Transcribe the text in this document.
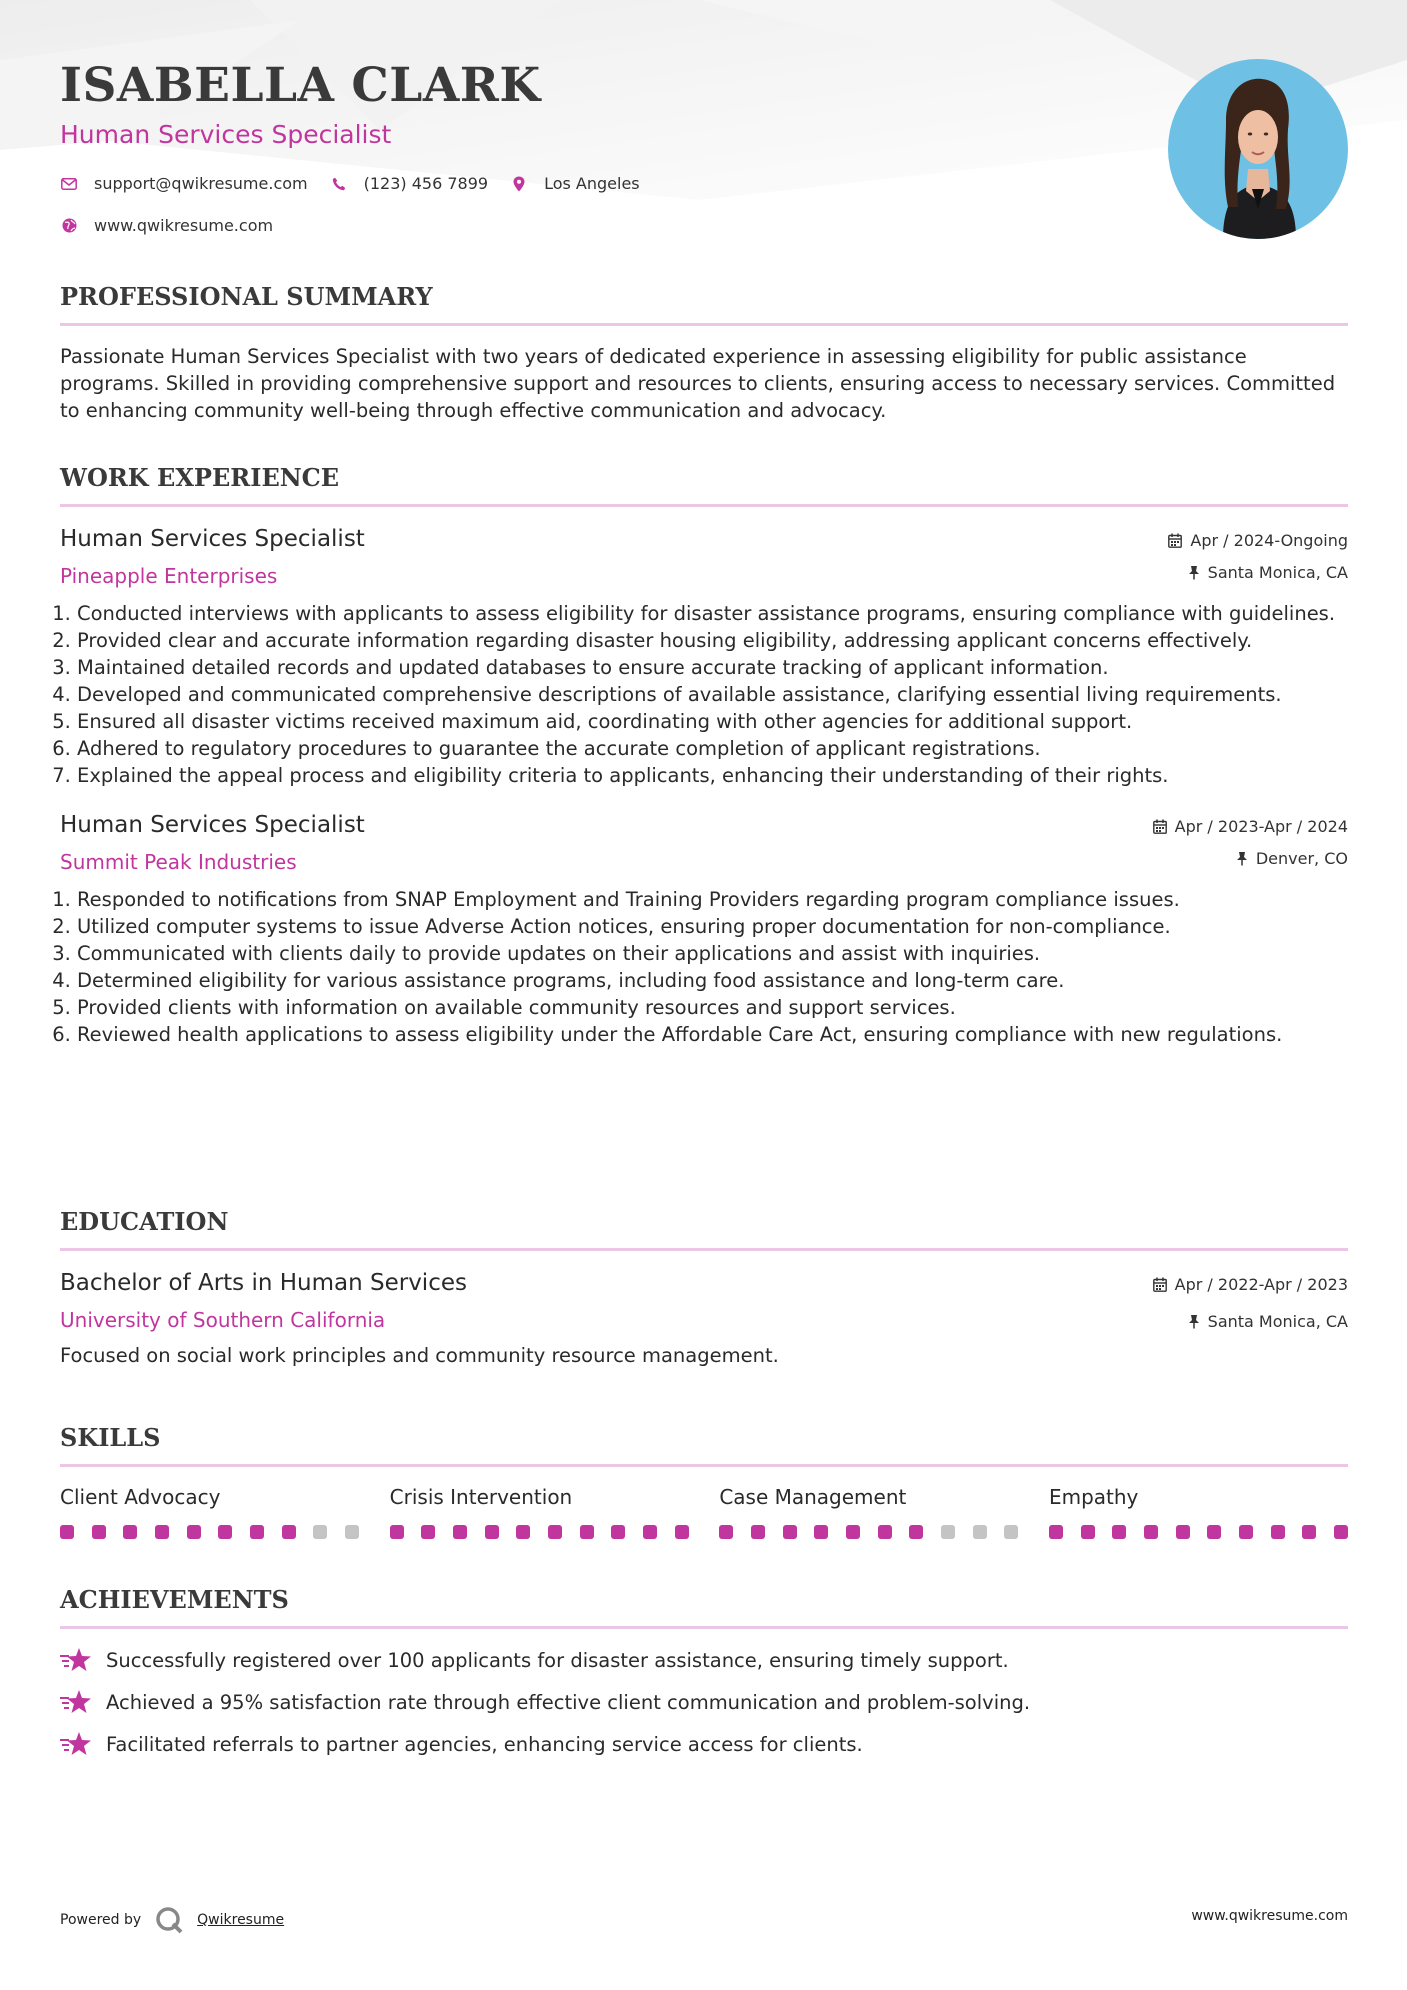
ISABELLA CLARK
Human Services Specialist
support@qwikresume.com	(123) 456 7899	Los Angeles
www.qwikresume.com
PROFESSIONAL SUMMARY
Passionate Human Services Specialist with two years of dedicated experience in assessing eligibility for public assistance programs. Skilled in providing comprehensive support and resources to clients, ensuring access to necessary services. Committed to enhancing community well-being through effective communication and advocacy.
WORK EXPERIENCE
Human Services Specialist
Pineapple Enterprises
Apr / 2024-Ongoing
Santa Monica, CA
1. Conducted interviews with applicants to assess eligibility for disaster assistance programs, ensuring compliance with guidelines.
2. Provided clear and accurate information regarding disaster housing eligibility, addressing applicant concerns effectively.
3. Maintained detailed records and updated databases to ensure accurate tracking of applicant information.
4. Developed and communicated comprehensive descriptions of available assistance, clarifying essential living requirements.
5. Ensured all disaster victims received maximum aid, coordinating with other agencies for additional support.
6. Adhered to regulatory procedures to guarantee the accurate completion of applicant registrations.
7. Explained the appeal process and eligibility criteria to applicants, enhancing their understanding of their rights.
Human Services Specialist
Summit Peak Industries
Apr / 2023-Apr / 2024
Denver, CO
1. Responded to notifications from SNAP Employment and Training Providers regarding program compliance issues.
2. Utilized computer systems to issue Adverse Action notices, ensuring proper documentation for non-compliance.
3. Communicated with clients daily to provide updates on their applications and assist with inquiries.
4. Determined eligibility for various assistance programs, including food assistance and long-term care.
5. Provided clients with information on available community resources and support services.
6. Reviewed health applications to assess eligibility under the Affordable Care Act, ensuring compliance with new regulations.
EDUCATION
Bachelor of Arts in Human Services
University of Southern California
Apr / 2022-Apr / 2023
Santa Monica, CA
Focused on social work principles and community resource management.
SKILLS
Client Advocacy	Crisis Intervention	Case Management	Empathy
ACHIEVEMENTS
Successfully registered over 100 applicants for disaster assistance, ensuring timely support.
Achieved a 95% satisfaction rate through effective client communication and problem-solving.
Facilitated referrals to partner agencies, enhancing service access for clients.
Powered by	Qwikresume	www.qwikresume.com
